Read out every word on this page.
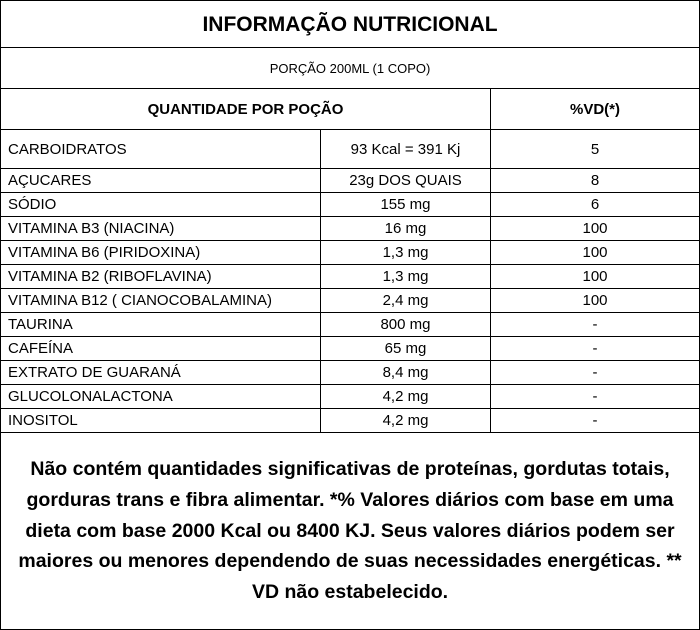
INFORMAÇÃO NUTRICIONAL		
PORÇÃO 200ML (1 COPO)		
QUANTIDADE POR POÇÃO		%VD(*)
CARBOIDRATOS	93 Kcal = 391 Kj	5
AÇUCARES	23g DOS QUAIS	8
SÓDIO	155 mg	6
VITAMINA B3 (NIACINA)	16 mg	100
VITAMINA B6 (PIRIDOXINA)	1,3 mg	100
VITAMINA B2 (RIBOFLAVINA)	1,3 mg	100
VITAMINA B12 ( CIANOCOBALAMINA)	2,4 mg	100
TAURINA	800 mg	-
CAFEÍNA	65 mg	-
EXTRATO DE GUARANÁ	8,4 mg	-
GLUCOLONALACTONA	4,2 mg	-
INOSITOL	4,2 mg	-
Não contém quantidades significativas de proteínas, gordutas totais, gorduras trans e fibra alimentar. *% Valores diários com base em uma dieta com base 2000 Kcal ou 8400 KJ. Seus valores diários podem ser maiores ou menores dependendo de suas necessidades energéticas. ** VD não estabelecido.		
